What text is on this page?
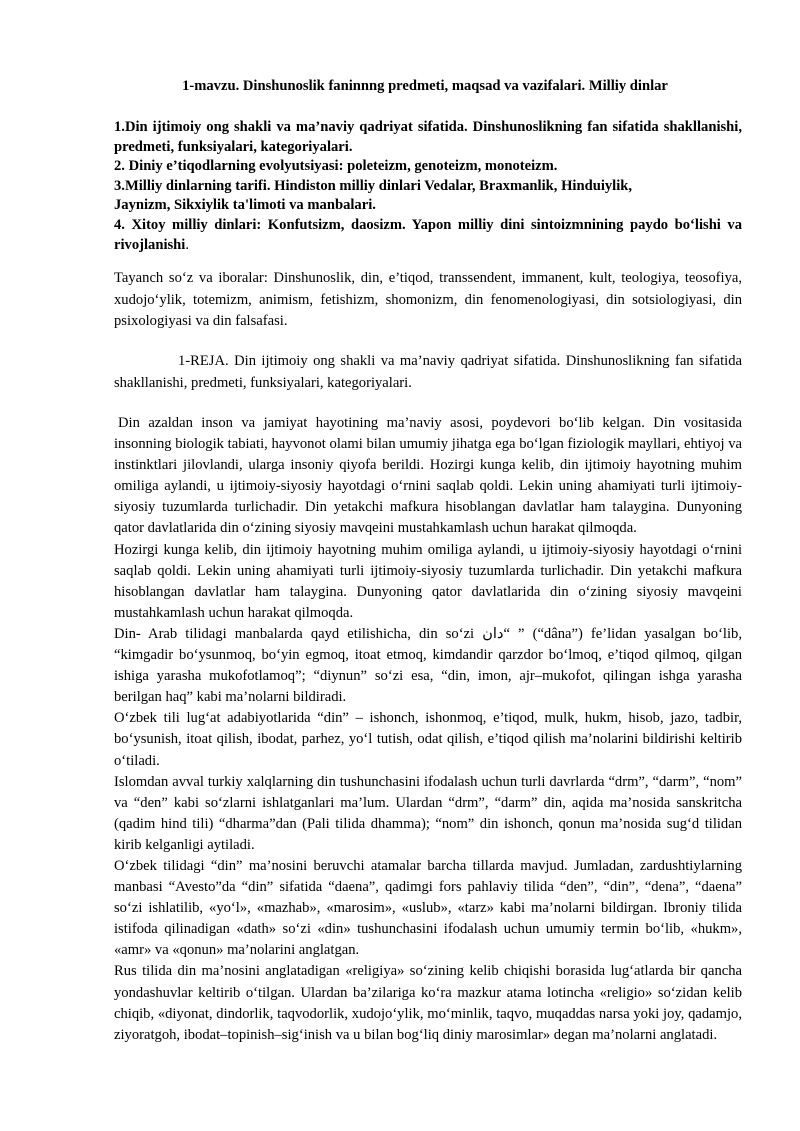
1-mavzu. Dinshunoslik faninnng predmeti, maqsad va vazifalari. Milliy dinlar
1.Din ijtimoiy ong shakli va ma’naviy qadriyat sifatida. Dinshunoslikning fan sifatida shakllanishi, predmeti, funksiyalari, kategoriyalari.
2. Diniy e’tiqodlarning evolyutsiyasi: poleteizm, genoteizm, monoteizm.
3.Milliy dinlarning tarifi. Hindiston milliy dinlari Vedalar, Braxmanlik, Hinduiylik,
Jaynizm, Sikxiylik ta'limoti va manbalari.
4. Xitoy milliy dinlari: Konfutsizm, daosizm. Yapon milliy dini sintoizmnining paydo bo‘lishi va rivojlanishi.

Tayanch so‘z va iboralar: Dinshunoslik, din, e’tiqod, transsendent, immanent, kult, teologiya, teosofiya, xudojo‘ylik, totemizm, animism, fetishizm, shomonizm, din fenomenologiyasi, din sotsiologiyasi, din psixologiyasi va din falsafasi.

1-REJA. Din ijtimoiy ong shakli va ma’naviy qadriyat sifatida. Dinshunoslikning fan sifatida shakllanishi, predmeti, funksiyalari, kategoriyalari.

Din azaldan inson va jamiyat hayotining ma’naviy asosi, poydevori bo‘lib kelgan. Din vositasida insonning biologik tabiati, hayvonot olami bilan umumiy jihatga ega bo‘lgan fiziologik mayllari, ehtiyoj va instinktlari jilovlandi, ularga insoniy qiyofa berildi. Hozirgi kunga kelib, din ijtimoiy hayotning muhim omiliga aylandi, u ijtimoiy-siyosiy hayotdagi o‘rnini saqlab qoldi. Lekin uning ahamiyati turli ijtimoiy-siyosiy tuzumlarda turlichadir. Din yetakchi mafkura hisoblangan davlatlar ham talaygina. Dunyoning qator davlatlarida din o‘zining siyosiy mavqeini mustahkamlash uchun harakat qilmoqda.

Hozirgi kunga kelib, din ijtimoiy hayotning muhim omiliga aylandi, u ijtimoiy-siyosiy hayotdagi o‘rnini saqlab qoldi. Lekin uning ahamiyati turli ijtimoiy-siyosiy tuzumlarda turlichadir. Din yetakchi mafkura hisoblangan davlatlar ham talaygina. Dunyoning qator davlatlarida din o‘zining siyosiy mavqeini mustahkamlash uchun harakat qilmoqda.

Din- Arab tilidagi manbalarda qayd etilishicha, din so‘zi دان“ ” (“dâna”) fe’lidan yasalgan bo‘lib, “kimgadir bo‘ysunmoq, bo‘yin egmoq, itoat etmoq, kimdandir qarzdor bo‘lmoq, e’tiqod qilmoq, qilgan ishiga yarasha mukofotlamoq”; “diynun” so‘zi esa, “din, imon, ajr–mukofot, qilingan ishga yarasha berilgan haq” kabi ma’nolarni bildiradi.

O‘zbek tili lug‘at adabiyotlarida “din” – ishonch, ishonmoq, e’tiqod, mulk, hukm, hisob, jazo, tadbir, bo‘ysunish, itoat qilish, ibodat, parhez, yo‘l tutish, odat qilish, e’tiqod qilish ma’nolarini bildirishi keltirib o‘tiladi.

Islomdan avval turkiy xalqlarning din tushunchasini ifodalash uchun turli davrlarda “drm”, “darm”, “nom” va “den” kabi so‘zlarni ishlatganlari ma’lum. Ulardan “drm”, “darm” din, aqida ma’nosida sanskritcha (qadim hind tili) “dharma”dan (Pali tilida dhamma); “nom” din ishonch, qonun ma’nosida sug‘d tilidan kirib kelganligi aytiladi.

O‘zbek tilidagi “din” ma’nosini beruvchi atamalar barcha tillarda mavjud. Jumladan, zardushtiylarning manbasi “Avesto”da “din” sifatida “daena”, qadimgi fors pahlaviy tilida “den”, “din”, “dena”, “daena” so‘zi ishlatilib, «yo‘l», «mazhab», «marosim», «uslub», «tarz» kabi ma’nolarni bildirgan. Ibroniy tilida istifoda qilinadigan «dath» so‘zi «din» tushunchasini ifodalash uchun umumiy termin bo‘lib, «hukm», «amr» va «qonun» ma’nolarini anglatgan.

Rus tilida din ma’nosini anglatadigan «religiya» so‘zining kelib chiqishi borasida lug‘atlarda bir qancha yondashuvlar keltirib o‘tilgan. Ulardan ba’zilariga ko‘ra mazkur atama lotincha «religio» so‘zidan kelib chiqib, «diyonat, dindorlik, taqvodorlik, xudojo‘ylik, mo‘minlik, taqvo, muqaddas narsa yoki joy, qadamjo, ziyoratgoh, ibodat–topinish–sig‘inish va u bilan bog‘liq diniy marosimlar» degan ma’nolarni anglatadi.
